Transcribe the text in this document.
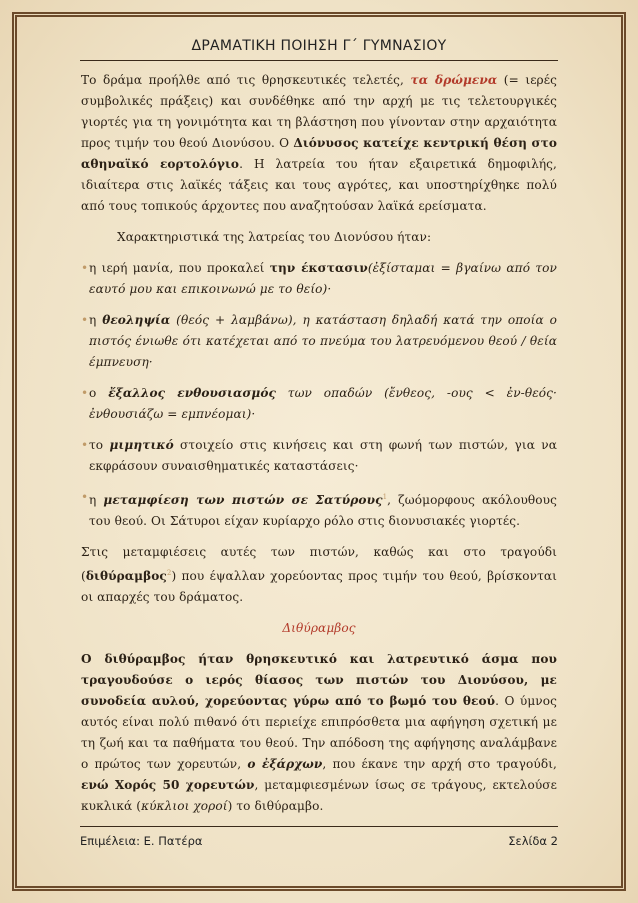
ΔΡΑΜΑΤΙΚΗ ΠΟΙΗΣΗ Γ΄ ΓΥΜΝΑΣΙΟΥ

Το δράμα προήλθε από τις θρησκευτικές τελετές, τα δρώμενα (= ιερές συμβολικές πράξεις) και συνδέθηκε από την αρχή με τις τελετουργικές γιορτές για τη γονιμότητα και τη βλάστηση που γίνονταν στην αρχαιότητα προς τιμήν του θεού Διονύσου. Ο Διόνυσος κατείχε κεντρική θέση στο αθηναϊκό εορτολόγιο. Η λατρεία του ήταν εξαιρετικά δημοφιλής, ιδιαίτερα στις λαϊκές τάξεις και τους αγρότες, και υποστηρίχθηκε πολύ από τους τοπικούς άρχοντες που αναζητούσαν λαϊκά ερείσματα.

Χαρακτηριστικά της λατρείας του Διονύσου ήταν:

• η ιερή μανία, που προκαλεί την έκστασιν(ἐξίσταμαι = βγαίνω από τον εαυτό μου και επικοινωνώ με το θείο)·

• η θεοληψία (θεός + λαμβάνω), η κατάσταση δηλαδή κατά την οποία ο πιστός ένιωθε ότι κατέχεται από το πνεύμα του λατρευόμενου θεού / θεία έμπνευση·

• ο ἔξαλλος ενθουσιασμός των οπαδών (ἔνθεος, -ους < ἐν-θεός· ἐνθουσιάζω = εμπνέομαι)·

• το μιμητικό στοιχείο στις κινήσεις και στη φωνή των πιστών, για να εκφράσουν συναισθηματικές καταστάσεις·

• η μεταμφίεση των πιστών σε Σατύρους$^1$, ζωόμορφους ακόλουθους του θεού. Οι Σάτυροι είχαν κυρίαρχο ρόλο στις διονυσιακές γιορτές.

Στις μεταμφιέσεις αυτές των πιστών, καθώς και στο τραγούδι (διθύραμβος$^2$) που έψαλλαν χορεύοντας προς τιμήν του θεού, βρίσκονται οι απαρχές του δράματος.

Διθύραμβος

Ο διθύραμβος ήταν θρησκευτικό και λατρευτικό άσμα που τραγουδούσε ο ιερός θίασος των πιστών του Διονύσου, με συνοδεία αυλού, χορεύοντας γύρω από το βωμό του θεού. Ο ύμνος αυτός είναι πολύ πιθανό ότι περιείχε επιπρόσθετα μια αφήγηση σχετική με τη ζωή και τα παθήματα του θεού. Την απόδοση της αφήγησης αναλάμβανε ο πρώτος των χορευτών, ο ἐξάρχων, που έκανε την αρχή στο τραγούδι, ενώ Χορός 50 χορευτών, μεταμφιεσμένων ίσως σε τράγους, εκτελούσε κυκλικά (κύκλιοι χοροί) το διθύραμβο.

Επιμέλεια: Ε. Πατέρα	Σελίδα 2
